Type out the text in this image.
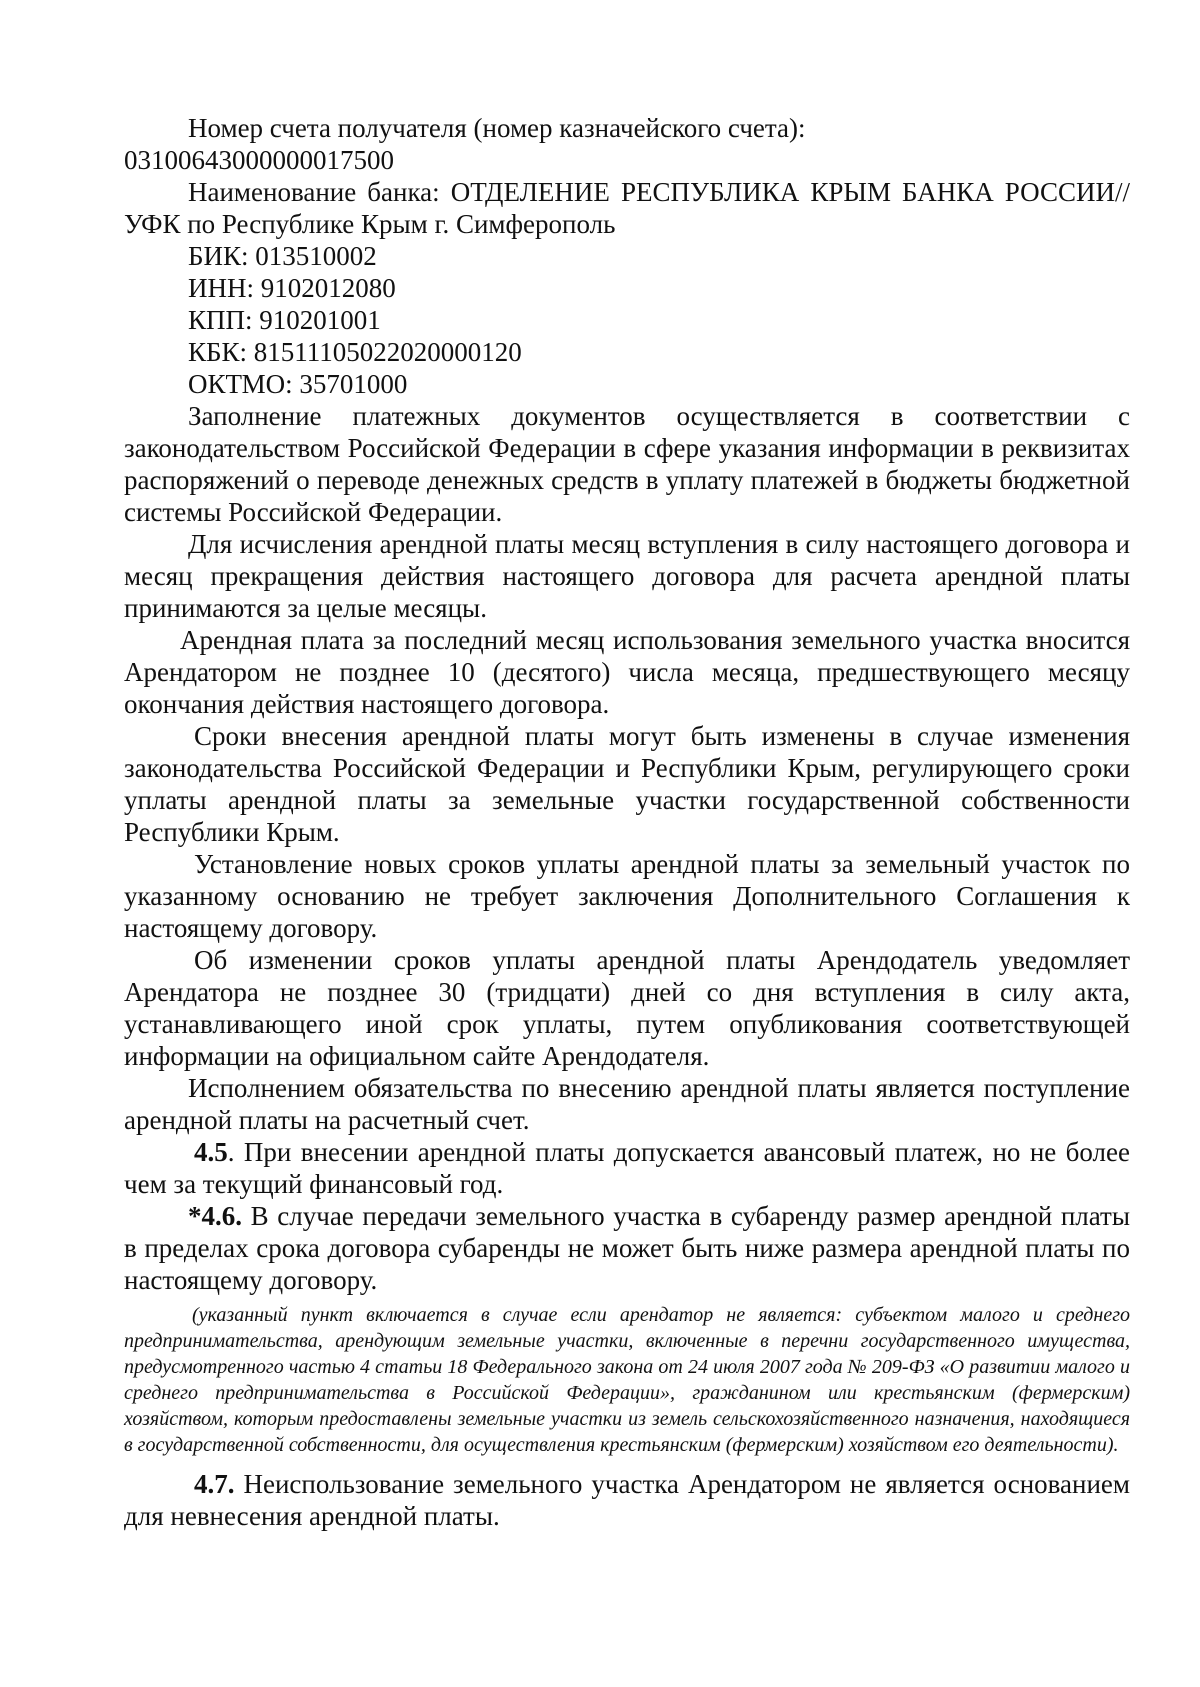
Номер счета получателя (номер казначейского счета):

03100643000000017500

Наименование банка: ОТДЕЛЕНИЕ РЕСПУБЛИКА КРЫМ БАНКА РОССИИ//УФК по Республике Крым г. Симферополь

БИК: 013510002

ИНН: 9102012080

КПП: 910201001

КБК: 81511105022020000120

ОКТМО: 35701000

Заполнение платежных документов осуществляется в соответствии с законодательством Российской Федерации в сфере указания информации в реквизитах распоряжений о переводе денежных средств в уплату платежей в бюджеты бюджетной системы Российской Федерации.

Для исчисления арендной платы месяц вступления в силу настоящего договора и месяц прекращения действия настоящего договора для расчета арендной платы принимаются за целые месяцы.

Арендная плата за последний месяц использования земельного участка вносится Арендатором не позднее 10 (десятого) числа месяца, предшествующего месяцу окончания действия настоящего договора.

Сроки внесения арендной платы могут быть изменены в случае изменения законодательства Российской Федерации и Республики Крым, регулирующего сроки уплаты арендной платы за земельные участки государственной собственности Республики Крым.

Установление новых сроков уплаты арендной платы за земельный участок по указанному основанию не требует заключения Дополнительного Соглашения к настоящему договору.

Об изменении сроков уплаты арендной платы Арендодатель уведомляет Арендатора не позднее 30 (тридцати) дней со дня вступления в силу акта, устанавливающего иной срок уплаты, путем опубликования соответствующей информации на официальном сайте Арендодателя.

Исполнением обязательства по внесению арендной платы является поступление арендной платы на расчетный счет.

4.5. При внесении арендной платы допускается авансовый платеж, но не более чем за текущий финансовый год.

*4.6. В случае передачи земельного участка в субаренду размер арендной платы в пределах срока договора субаренды не может быть ниже размера арендной платы по настоящему договору.

(указанный пункт включается в случае если арендатор не является: субъектом малого и среднего предпринимательства, арендующим земельные участки, включенные в перечни государственного имущества, предусмотренного частью 4 статьи 18 Федерального закона от 24 июля 2007 года № 209-ФЗ «О развитии малого и среднего предпринимательства в Российской Федерации», гражданином или крестьянским (фермерским) хозяйством, которым предоставлены земельные участки из земель сельскохозяйственного назначения, находящиеся в государственной собственности, для осуществления крестьянским (фермерским) хозяйством его деятельности).

4.7. Неиспользование земельного участка Арендатором не является основанием для невнесения арендной платы.
